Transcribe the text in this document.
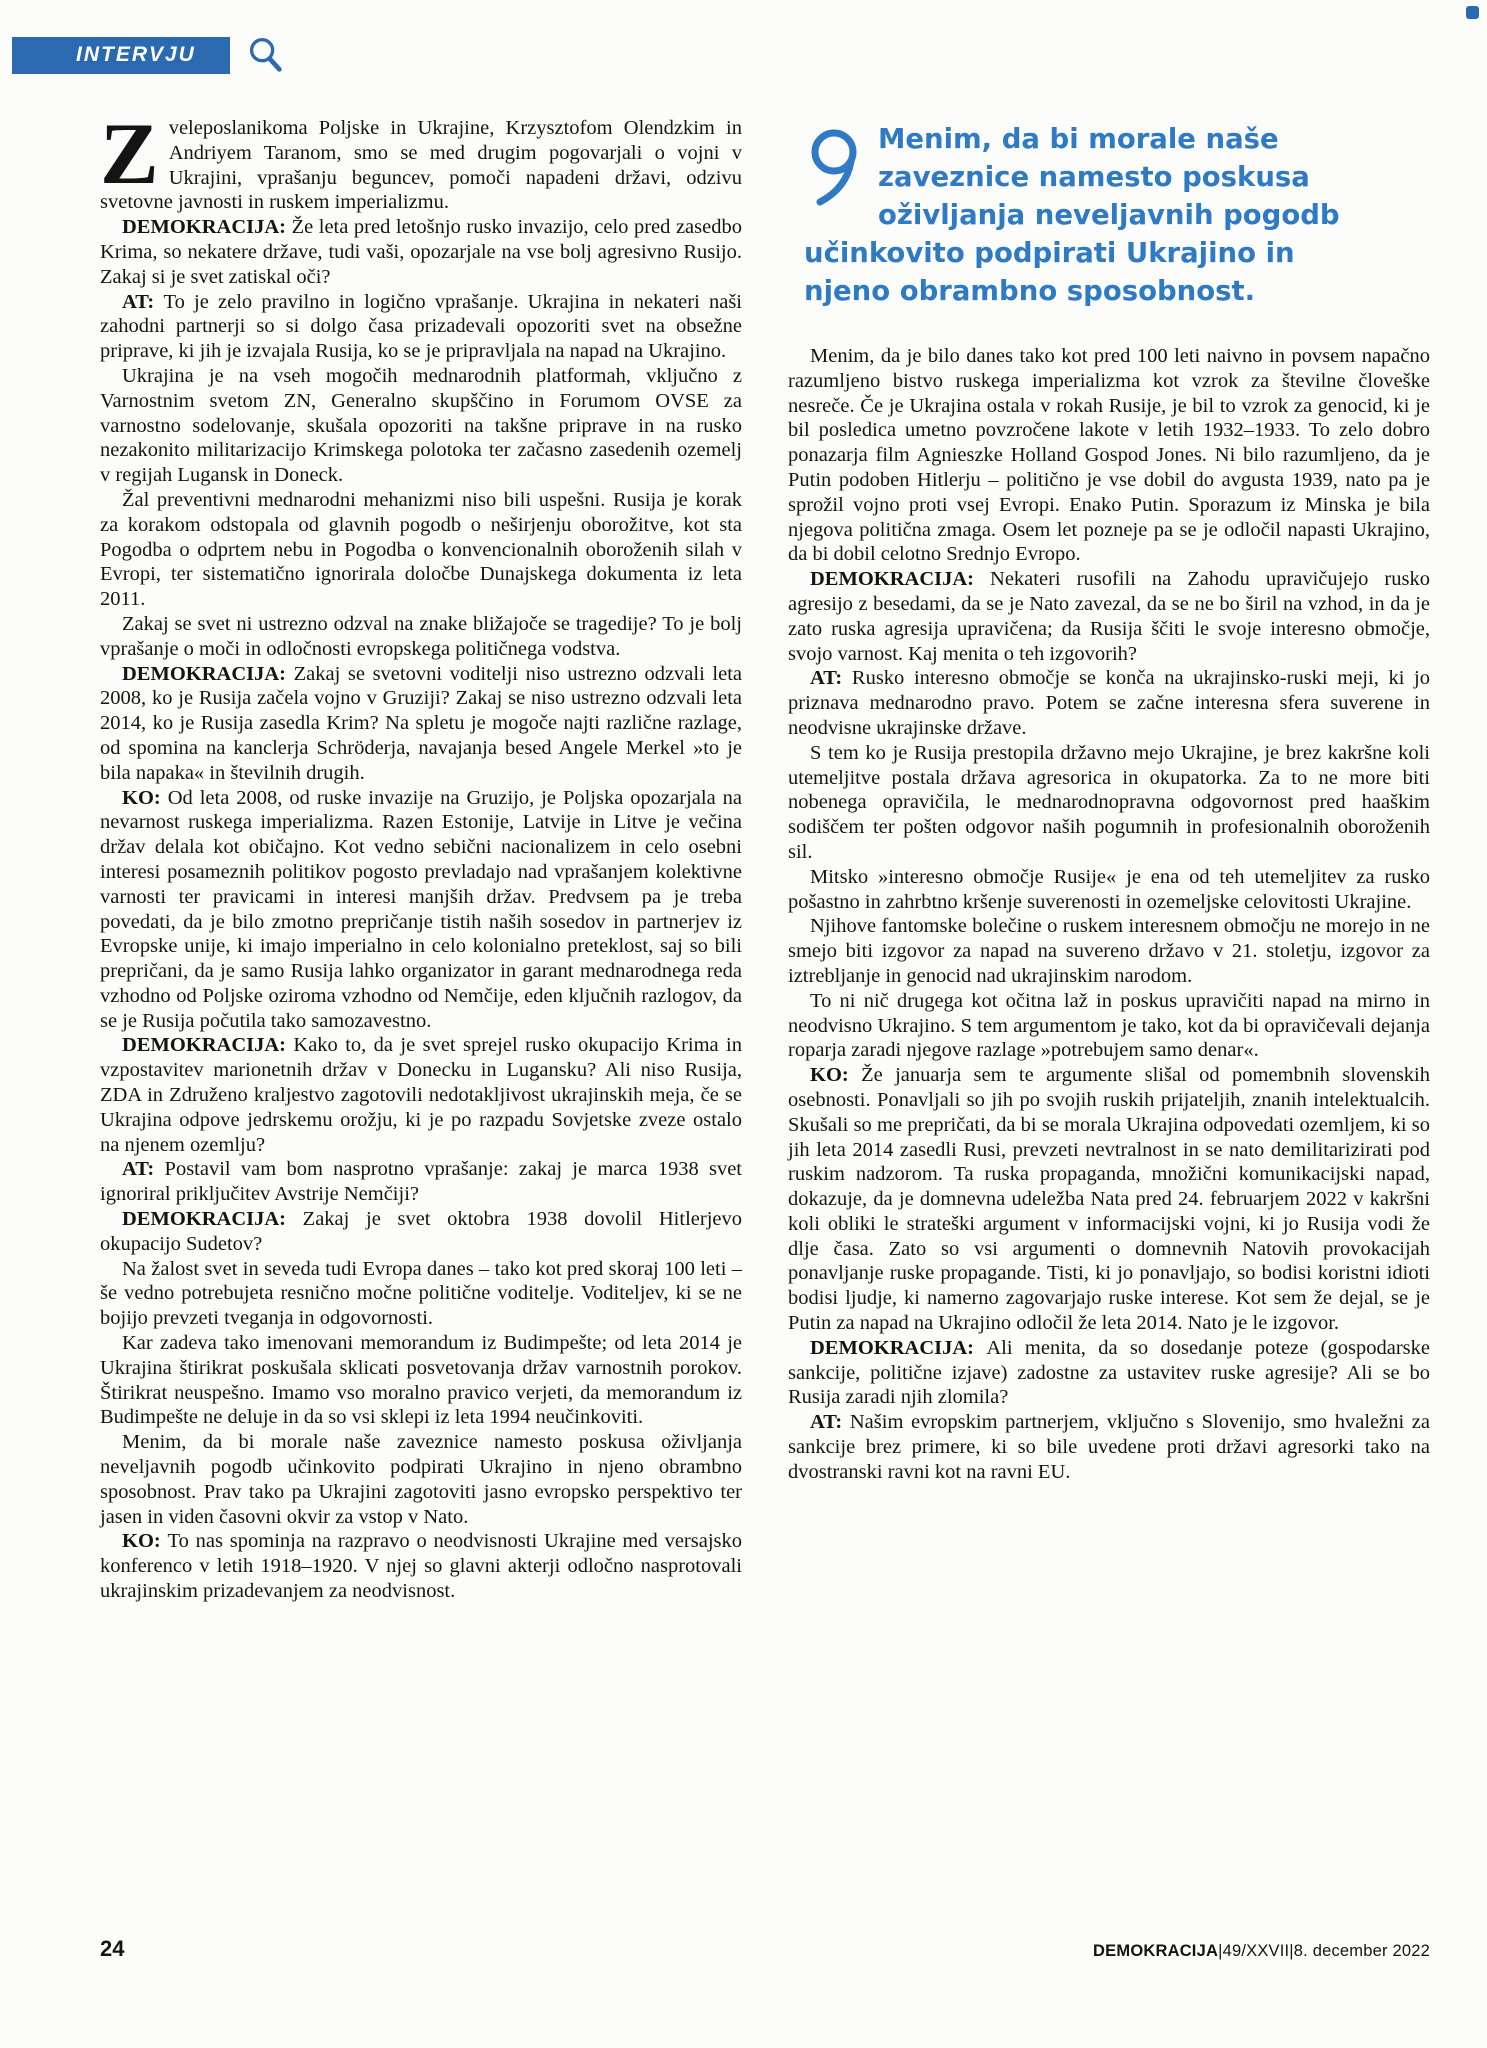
INTERVJU

Zveleposlanikoma Poljske in Ukrajine, Krzysztofom Olendzkim in Andriyem Taranom, smo se med drugim pogovarjali o vojni v Ukrajini, vprašanju beguncev, pomoči napadeni državi, odzivu svetovne javnosti in ruskem imperializmu.

DEMOKRACIJA: Že leta pred letošnjo rusko invazijo, celo pred zasedbo Krima, so nekatere države, tudi vaši, opozarjale na vse bolj agresivno Rusijo. Zakaj si je svet zatiskal oči?

AT: To je zelo pravilno in logično vprašanje. Ukrajina in nekateri naši zahodni partnerji so si dolgo časa prizadevali opozoriti svet na obsežne priprave, ki jih je izvajala Rusija, ko se je pripravljala na napad na Ukrajino.

Ukrajina je na vseh mogočih mednarodnih platformah, vključno z Varnostnim svetom ZN, Generalno skupščino in Forumom OVSE za varnostno sodelovanje, skušala opozoriti na takšne priprave in na rusko nezakonito militarizacijo Krimskega polotoka ter začasno zasedenih ozemelj v regijah Lugansk in Doneck.

Žal preventivni mednarodni mehanizmi niso bili uspešni. Rusija je korak za korakom odstopala od glavnih pogodb o neširjenju oborožitve, kot sta Pogodba o odprtem nebu in Pogodba o konvencionalnih oboroženih silah v Evropi, ter sistematično ignorirala določbe Dunajskega dokumenta iz leta 2011.

Zakaj se svet ni ustrezno odzval na znake bližajoče se tragedije? To je bolj vprašanje o moči in odločnosti evropskega političnega vodstva.

DEMOKRACIJA: Zakaj se svetovni voditelji niso ustrezno odzvali leta 2008, ko je Rusija začela vojno v Gruziji? Zakaj se niso ustrezno odzvali leta 2014, ko je Rusija zasedla Krim? Na spletu je mogoče najti različne razlage, od spomina na kanclerja Schröderja, navajanja besed Angele Merkel »to je bila napaka« in številnih drugih.

KO: Od leta 2008, od ruske invazije na Gruzijo, je Poljska opozarjala na nevarnost ruskega imperializma. Razen Estonije, Latvije in Litve je večina držav delala kot običajno. Kot vedno sebični nacionalizem in celo osebni interesi posameznih politikov pogosto prevladajo nad vprašanjem kolektivne varnosti ter pravicami in interesi manjših držav. Predvsem pa je treba povedati, da je bilo zmotno prepričanje tistih naših sosedov in partnerjev iz Evropske unije, ki imajo imperialno in celo kolonialno preteklost, saj so bili prepričani, da je samo Rusija lahko organizator in garant mednarodnega reda vzhodno od Poljske oziroma vzhodno od Nemčije, eden ključnih razlogov, da se je Rusija počutila tako samozavestno.

DEMOKRACIJA: Kako to, da je svet sprejel rusko okupacijo Krima in vzpostavitev marionetnih držav v Donecku in Lugansku? Ali niso Rusija, ZDA in Združeno kraljestvo zagotovili nedotakljivost ukrajinskih meja, če se Ukrajina odpove jedrskemu orožju, ki je po razpadu Sovjetske zveze ostalo na njenem ozemlju?

AT: Postavil vam bom nasprotno vprašanje: zakaj je marca 1938 svet ignoriral priključitev Avstrije Nemčiji?

DEMOKRACIJA: Zakaj je svet oktobra 1938 dovolil Hitlerjevo okupacijo Sudetov?

Na žalost svet in seveda tudi Evropa danes – tako kot pred skoraj 100 leti – še vedno potrebujeta resnično močne politične voditelje. Voditeljev, ki se ne bojijo prevzeti tveganja in odgovornosti.

Kar zadeva tako imenovani memorandum iz Budimpešte; od leta 2014 je Ukrajina štirikrat poskušala sklicati posvetovanja držav varnostnih porokov. Štirikrat neuspešno. Imamo vso moralno pravico verjeti, da memorandum iz Budimpešte ne deluje in da so vsi sklepi iz leta 1994 neučinkoviti.

Menim, da bi morale naše zaveznice namesto poskusa oživljanja neveljavnih pogodb učinkovito podpirati Ukrajino in njeno obrambno sposobnost. Prav tako pa Ukrajini zagotoviti jasno evropsko perspektivo ter jasen in viden časovni okvir za vstop v Nato.

KO: To nas spominja na razpravo o neodvisnosti Ukrajine med versajsko konferenco v letih 1918–1920. V njej so glavni akterji odločno nasprotovali ukrajinskim prizadevanjem za neodvisnost.

Menim, da bi morale naše zaveznice namesto poskusa oživljanja neveljavnih pogodb učinkovito podpirati Ukrajino in njeno obrambno sposobnost.

Menim, da je bilo danes tako kot pred 100 leti naivno in povsem napačno razumljeno bistvo ruskega imperializma kot vzrok za številne človeške nesreče. Če je Ukrajina ostala v rokah Rusije, je bil to vzrok za genocid, ki je bil posledica umetno povzročene lakote v letih 1932–1933. To zelo dobro ponazarja film Agnieszke Holland Gospod Jones. Ni bilo razumljeno, da je Putin podoben Hitlerju – politično je vse dobil do avgusta 1939, nato pa je sprožil vojno proti vsej Evropi. Enako Putin. Sporazum iz Minska je bila njegova politična zmaga. Osem let pozneje pa se je odločil napasti Ukrajino, da bi dobil celotno Srednjo Evropo.

DEMOKRACIJA: Nekateri rusofili na Zahodu upravičujejo rusko agresijo z besedami, da se je Nato zavezal, da se ne bo širil na vzhod, in da je zato ruska agresija upravičena; da Rusija ščiti le svoje interesno območje, svojo varnost. Kaj menita o teh izgovorih?

AT: Rusko interesno območje se konča na ukrajinsko-ruski meji, ki jo priznava mednarodno pravo. Potem se začne interesna sfera suverene in neodvisne ukrajinske države.

S tem ko je Rusija prestopila državno mejo Ukrajine, je brez kakršne koli utemeljitve postala država agresorica in okupatorka. Za to ne more biti nobenega opravičila, le mednarodnopravna odgovornost pred haaškim sodiščem ter pošten odgovor naših pogumnih in profesionalnih oboroženih sil.

Mitsko »interesno območje Rusije« je ena od teh utemeljitev za rusko pošastno in zahrbtno kršenje suverenosti in ozemeljske celovitosti Ukrajine.

Njihove fantomske bolečine o ruskem interesnem območju ne morejo in ne smejo biti izgovor za napad na suvereno državo v 21. stoletju, izgovor za iztrebljanje in genocid nad ukrajinskim narodom.

To ni nič drugega kot očitna laž in poskus upravičiti napad na mirno in neodvisno Ukrajino. S tem argumentom je tako, kot da bi opravičevali dejanja roparja zaradi njegove razlage »potrebujem samo denar«.

KO: Že januarja sem te argumente slišal od pomembnih slovenskih osebnosti. Ponavljali so jih po svojih ruskih prijateljih, znanih intelektualcih. Skušali so me prepričati, da bi se morala Ukrajina odpovedati ozemljem, ki so jih leta 2014 zasedli Rusi, prevzeti nevtralnost in se nato demilitarizirati pod ruskim nadzorom. Ta ruska propaganda, množični komunikacijski napad, dokazuje, da je domnevna udeležba Nata pred 24. februarjem 2022 v kakršni koli obliki le strateški argument v informacijski vojni, ki jo Rusija vodi že dlje časa. Zato so vsi argumenti o domnevnih Natovih provokacijah ponavljanje ruske propagande. Tisti, ki jo ponavljajo, so bodisi koristni idioti bodisi ljudje, ki namerno zagovarjajo ruske interese. Kot sem že dejal, se je Putin za napad na Ukrajino odločil že leta 2014. Nato je le izgovor.

DEMOKRACIJA: Ali menita, da so dosedanje poteze (gospodarske sankcije, politične izjave) zadostne za ustavitev ruske agresije? Ali se bo Rusija zaradi njih zlomila?

AT: Našim evropskim partnerjem, vključno s Slovenijo, smo hvaležni za sankcije brez primere, ki so bile uvedene proti državi agresorki tako na dvostranski ravni kot na ravni EU.

24	DEMOKRACIJA|49/XXVII|8. december 2022
